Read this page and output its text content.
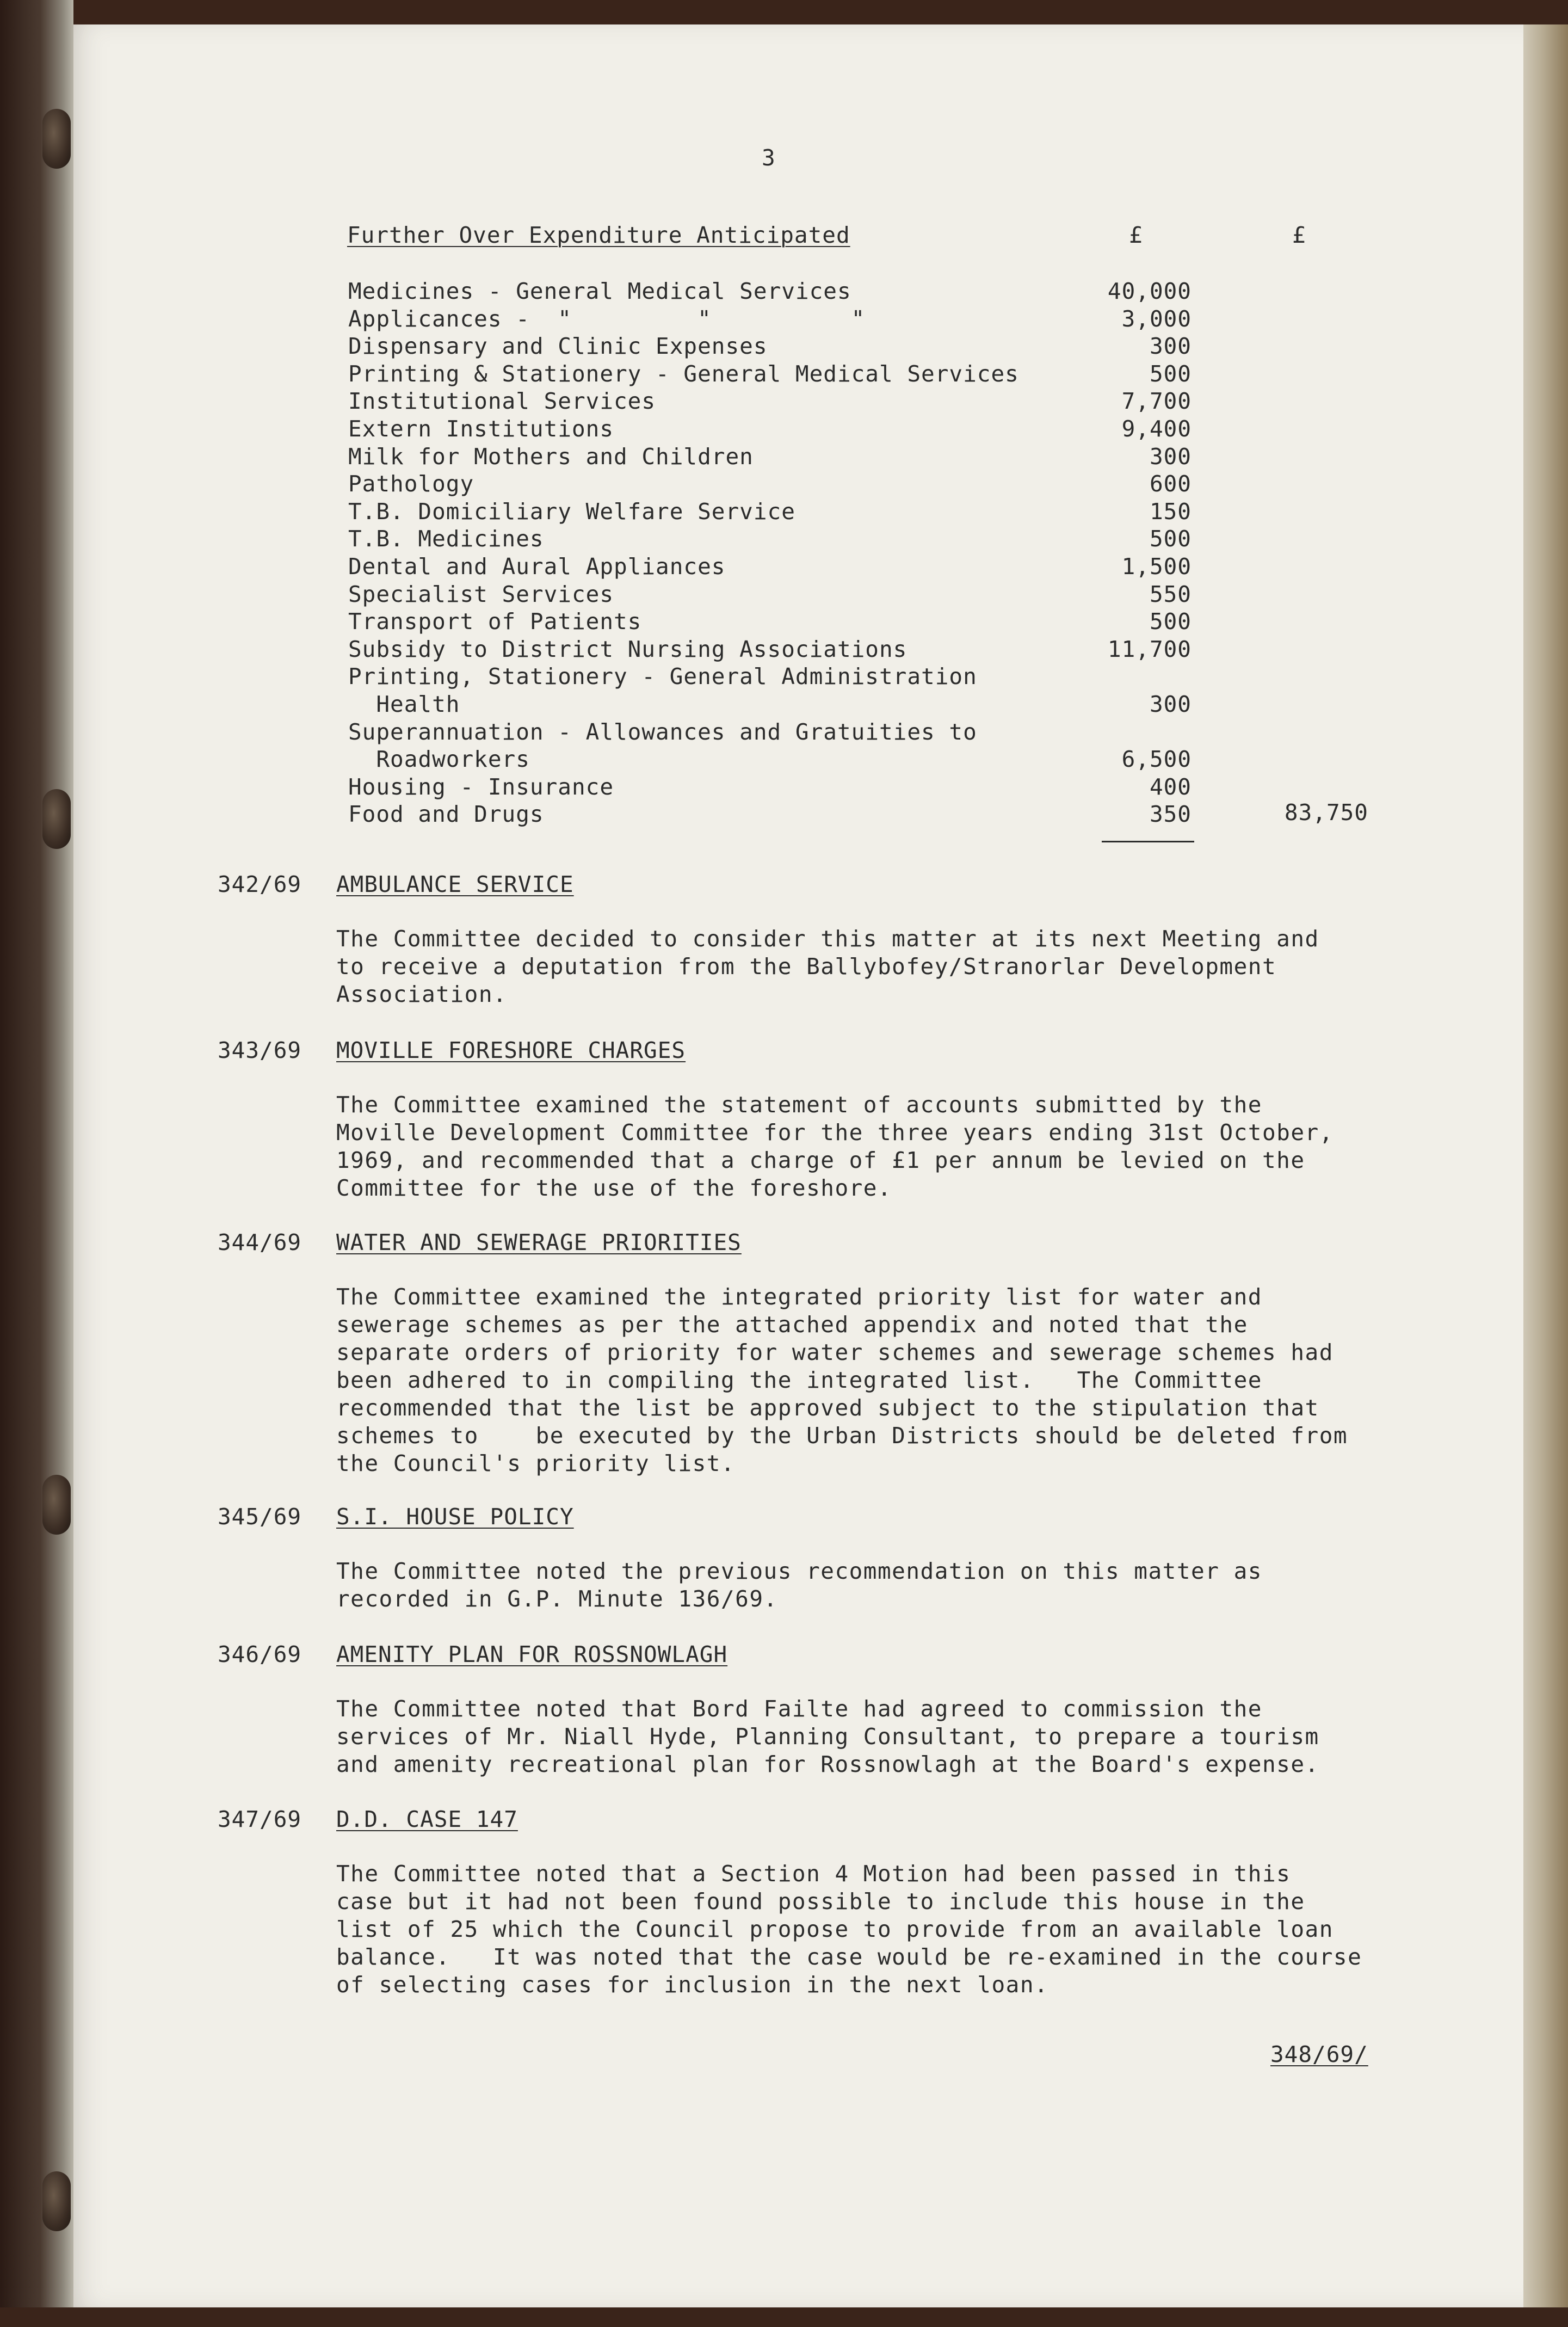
3
Further Over Expenditure Anticipated	£	£
Medicines - General Medical Services	40,000
Applicances -  "         "          "	3,000
Dispensary and Clinic Expenses	300
Printing & Stationery - General Medical Services	500
Institutional Services	7,700
Extern Institutions	9,400
Milk for Mothers and Children	300
Pathology	600
T.B. Domiciliary Welfare Service	150
T.B. Medicines	500
Dental and Aural Appliances	1,500
Specialist Services	550
Transport of Patients	500
Subsidy to District Nursing Associations	11,700
Printing, Stationery - General Administration
Health	300
Superannuation - Allowances and Gratuities to
Roadworkers	6,500
Housing - Insurance	400
Food and Drugs	350	83,750
342/69 AMBULANCE SERVICE
The Committee decided to consider this matter at its next Meeting and
to receive a deputation from the Ballybofey/Stranorlar Development
Association.
343/69 MOVILLE FORESHORE CHARGES
The Committee examined the statement of accounts submitted by the
Moville Development Committee for the three years ending 31st October,
1969, and recommended that a charge of £1 per annum be levied on the
Committee for the use of the foreshore.
344/69 WATER AND SEWERAGE PRIORITIES
The Committee examined the integrated priority list for water and
sewerage schemes as per the attached appendix and noted that the
separate orders of priority for water schemes and sewerage schemes had
been adhered to in compiling the integrated list.   The Committee
recommended that the list be approved subject to the stipulation that
schemes to    be executed by the Urban Districts should be deleted from
the Council's priority list.
345/69 S.I. HOUSE POLICY
The Committee noted the previous recommendation on this matter as
recorded in G.P. Minute 136/69.
346/69 AMENITY PLAN FOR ROSSNOWLAGH
The Committee noted that Bord Failte had agreed to commission the
services of Mr. Niall Hyde, Planning Consultant, to prepare a tourism
and amenity recreational plan for Rossnowlagh at the Board's expense.
347/69 D.D. CASE 147
The Committee noted that a Section 4 Motion had been passed in this
case but it had not been found possible to include this house in the
list of 25 which the Council propose to provide from an available loan
balance.   It was noted that the case would be re-examined in the course
of selecting cases for inclusion in the next loan.
348/69/
